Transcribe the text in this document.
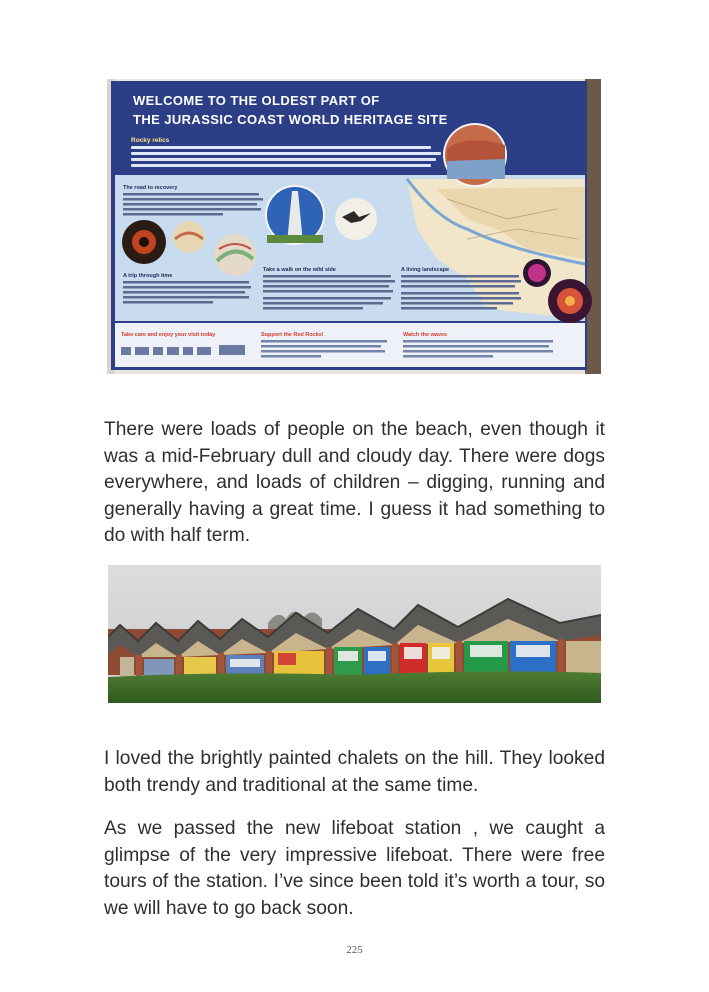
WELCOME TO THE OLDEST PART OF
THE JURASSIC COAST WORLD HERITAGE SITE
Rocky relics
The road to recovery
A trip through time
Take a walk on the wild side	A living landscape
Take care and enjoy your visit today	Support the Red Rocks!	Watch the waves

There were loads of people on the beach, even though it was a mid-February dull and cloudy day. There were dogs everywhere, and loads of children – digging, running and generally having a great time. I guess it had something to do with half term.

I loved the brightly painted chalets on the hill. They looked both trendy and traditional at the same time.

As we passed the new lifeboat station , we caught a glimpse of the very impressive lifeboat. There were free tours of the station. I’ve since been told it’s worth a tour, so we will have to go back soon.

225
